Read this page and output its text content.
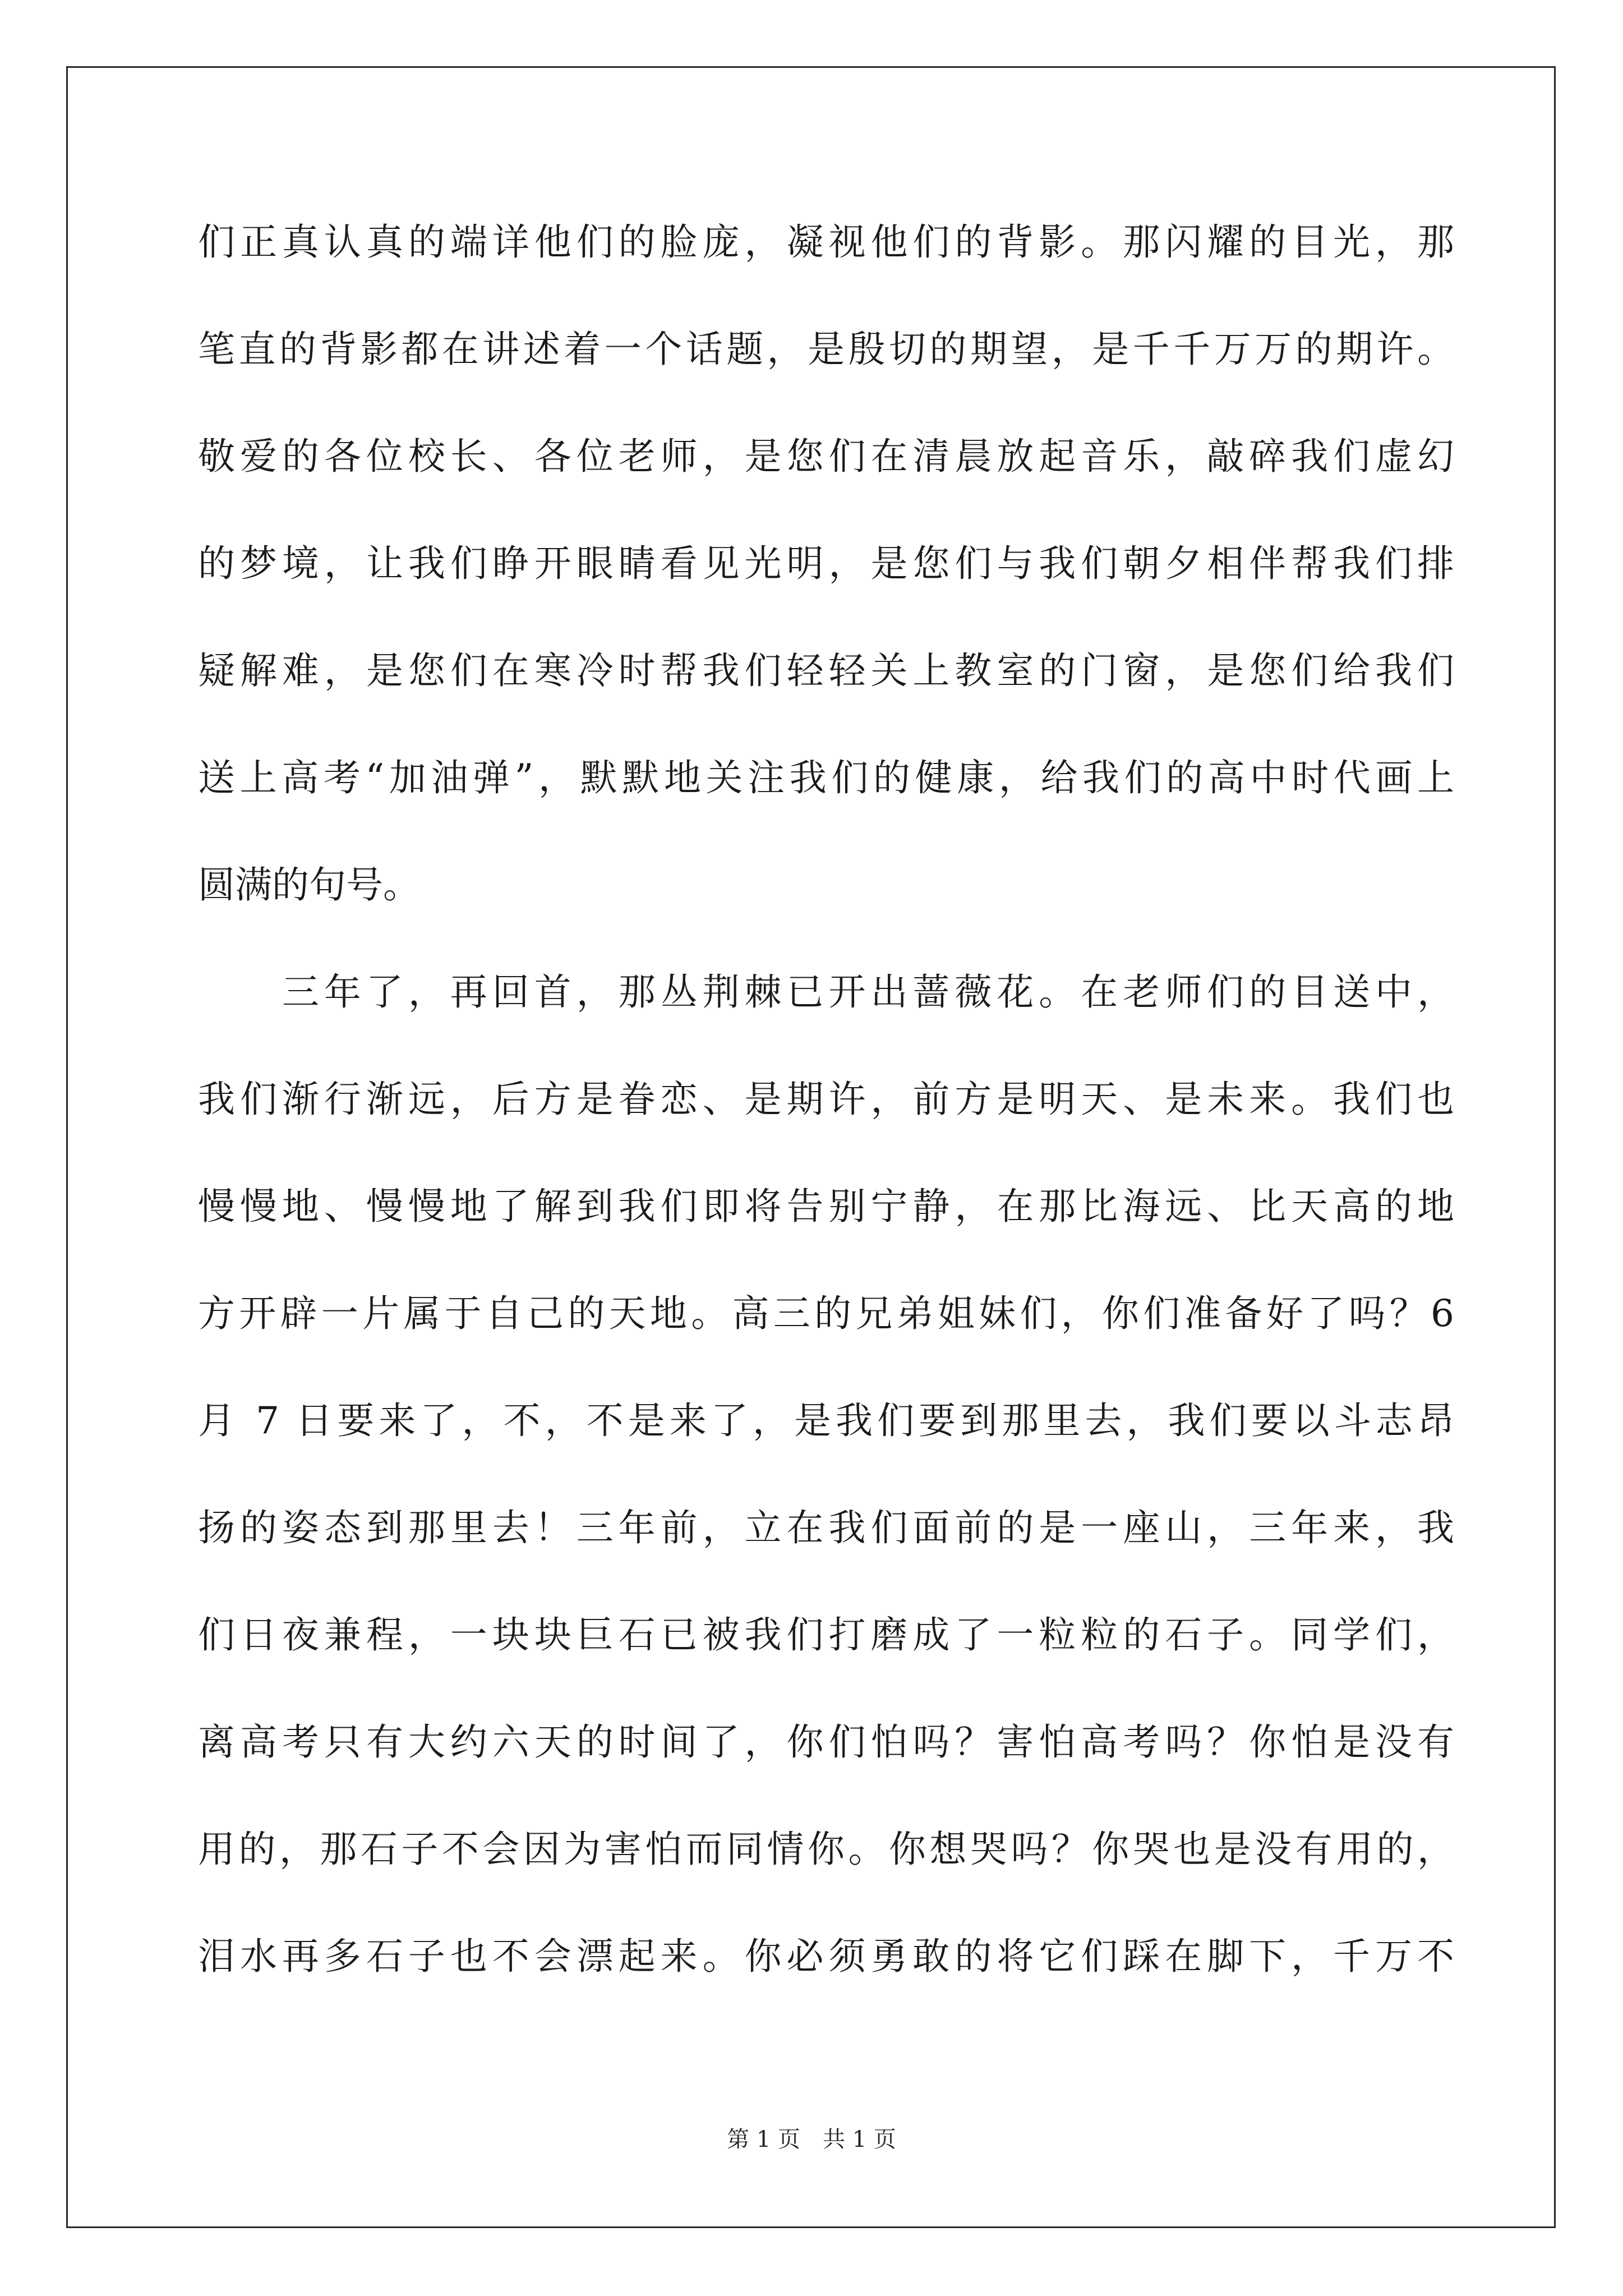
们正真认真的端详他们的脸庞，凝视他们的背影。那闪耀的目光，那
笔直的背影都在讲述着一个话题，是殷切的期望，是千千万万的期许。
敬爱的各位校长、各位老师，是您们在清晨放起音乐，敲碎我们虚幻
的梦境，让我们睁开眼睛看见光明，是您们与我们朝夕相伴帮我们排
疑解难，是您们在寒冷时帮我们轻轻关上教室的门窗，是您们给我们
送上高考“加油弹”，默默地关注我们的健康，给我们的高中时代画上
圆满的句号。
　　三年了，再回首，那丛荆棘已开出蔷薇花。在老师们的目送中，
我们渐行渐远，后方是眷恋、是期许，前方是明天、是未来。我们也
慢慢地、慢慢地了解到我们即将告别宁静，在那比海远、比天高的地
方开辟一片属于自己的天地。高三的兄弟姐妹们，你们准备好了吗？6
月 7 日要来了，不，不是来了，是我们要到那里去，我们要以斗志昂
扬的姿态到那里去！三年前，立在我们面前的是一座山，三年来，我
们日夜兼程，一块块巨石已被我们打磨成了一粒粒的石子。同学们，
离高考只有大约六天的时间了，你们怕吗？害怕高考吗？你怕是没有
用的，那石子不会因为害怕而同情你。你想哭吗？你哭也是没有用的，
泪水再多石子也不会漂起来。你必须勇敢的将它们踩在脚下，千万不
第 1 页　共 1 页
